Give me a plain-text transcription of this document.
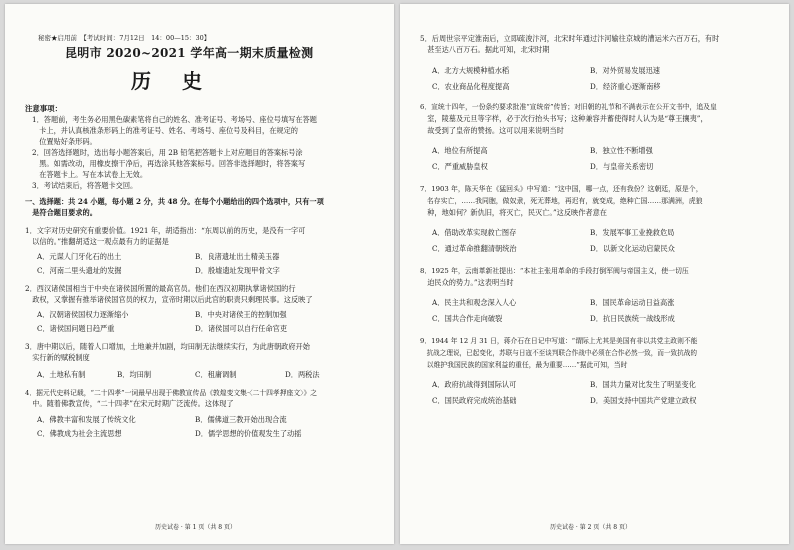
秘密★启用前　【考试时间：7月12日　14：00—15：30】
昆明市 2020~2021 学年高一期末质量检测
历 史
注意事项：
1．答题前，考生务必用黑色碳素笔将自己的姓名、准考证号、考场号、座位号填写在答题
　卡上，并认真核准条形码上的准考证号、姓名、考场号、座位号及科目，在规定的
　位置贴好条形码。
2．回答选择题时，选出每小题答案后，用 2B 铅笔把答题卡上对应题目的答案标号涂
　黑。如需改动，用橡皮擦干净后，再选涂其他答案标号。回答非选择题时，将答案写
　在答题卡上。写在本试卷上无效。
3．考试结束后，将答题卡交回。
一、选择题：共 24 小题，每小题 2 分，共 48 分。在每个小题给出的四个选项中，只有一项
　是符合题目要求的。
1．文字对历史研究有重要价值。1921 年，胡适指出：“东周以前的历史，是没有一字可
　以信的。”推翻胡适这一观点最有力的证据是
A．元谋人门牙化石的出土	B．良渚遗址出土精美玉器
C．河南二里头遗址的发掘	D．殷墟遗址发现甲骨文字
2．西汉诸侯国相当于中央在诸侯国所置的最高官员。他们在西汉初期执掌诸侯国的行
　政权，又掌握有推举诸侯国官员的权力，宣帝时期以后此官的职责只剩理民事。这反映了
A．汉朝诸侯国权力逐渐缩小	B．中央对诸侯王的控制加强
C．诸侯国问题日趋严重	D．诸侯国可以自行任命官吏
3．唐中期以后，随着人口增加，土地兼并加剧，均田制无法继续实行，为此唐朝政府开始
　实行新的赋税制度
A．土地私有制	B．均田制	C．租庸调制	D．两税法
4．据元代史料记载，“二十四孝”一词最早出现于佛教宣传品《敦煌变文集·〈二十四孝押座文〉》之
　中。随着佛教宣传，“二十四孝”在宋元时期广泛流传。这体现了
A．佛教丰富和发展了传统文化	B．儒佛道三教开始出现合流
C．佛教成为社会主流思想	D．儒学思想的价值观发生了动摇
历史试卷 · 第 1 页（共 8 页）
5．后周世宗平定淮南后，立即疏浚汴河，北宋时年通过汴河输往京城的漕运米六百万石，有时
　甚至达八百万石。据此可知，北宋时期
A．北方大规模种植水稻	B．对外贸易发展迅速
C．农业商品化程度提高	D．经济重心逐渐南移
6．宣统十四年，一份条约要求批准“宣统帝”传旨；对旧朝的礼节和不满表示在公开文书中，追及皇
　室，陵墓及元旦等字样，必于次行抬头书写；这种兼容并蓄使得时人认为是“尊王攘夷”，
　故受到了皇帝的赞扬。这可以用来说明当时
A．地位有所提高	B．独立性不断增强
C．严重威胁皇权	D．与皇帝关系密切
7．1903 年，陈天华在《猛回头》中写道：“这中国，哪一点，还有我份？这朝廷，原是个，
　名存实亡，……我同胞，做奴隶，死无葬地，再迟有，就变成，绝种亡国……那满洲，虎狼
　种，地如何？新仇旧，将灭亡，民灭亡。”这反映作者意在
A．借助改革实现救亡图存	B．发展军事工业挽救危局
C．通过革命推翻清朝统治	D．以新文化运动启蒙民众
8．1925 年，云南革新社提出：“本社主张用革命的手段打倒军阀与帝国主义，使一切压
　迫民众的势力。”这表明当时
A．民主共和观念深入人心	B．国民革命运动日益高涨
C．国共合作走向破裂	D．抗日民族统一战线形成
9．1944 年 12 月 31 日，蒋介石在日记中写道：“谓际上尤其是美国有非以共党主政则不能
　抗战之理说，已起变化，苏联与日寇不至谈判联合作战中必须在合作必然一致，而一致抗战的
　以维护我国民族的国家利益的重任，最为重要……”据此可知，当时
A．政府抗战得到国际认可	B．国共力量对比发生了明显变化
C．国民政府完成统治基础	D．美国支持中国共产党建立政权
历史试卷 · 第 2 页（共 8 页）
